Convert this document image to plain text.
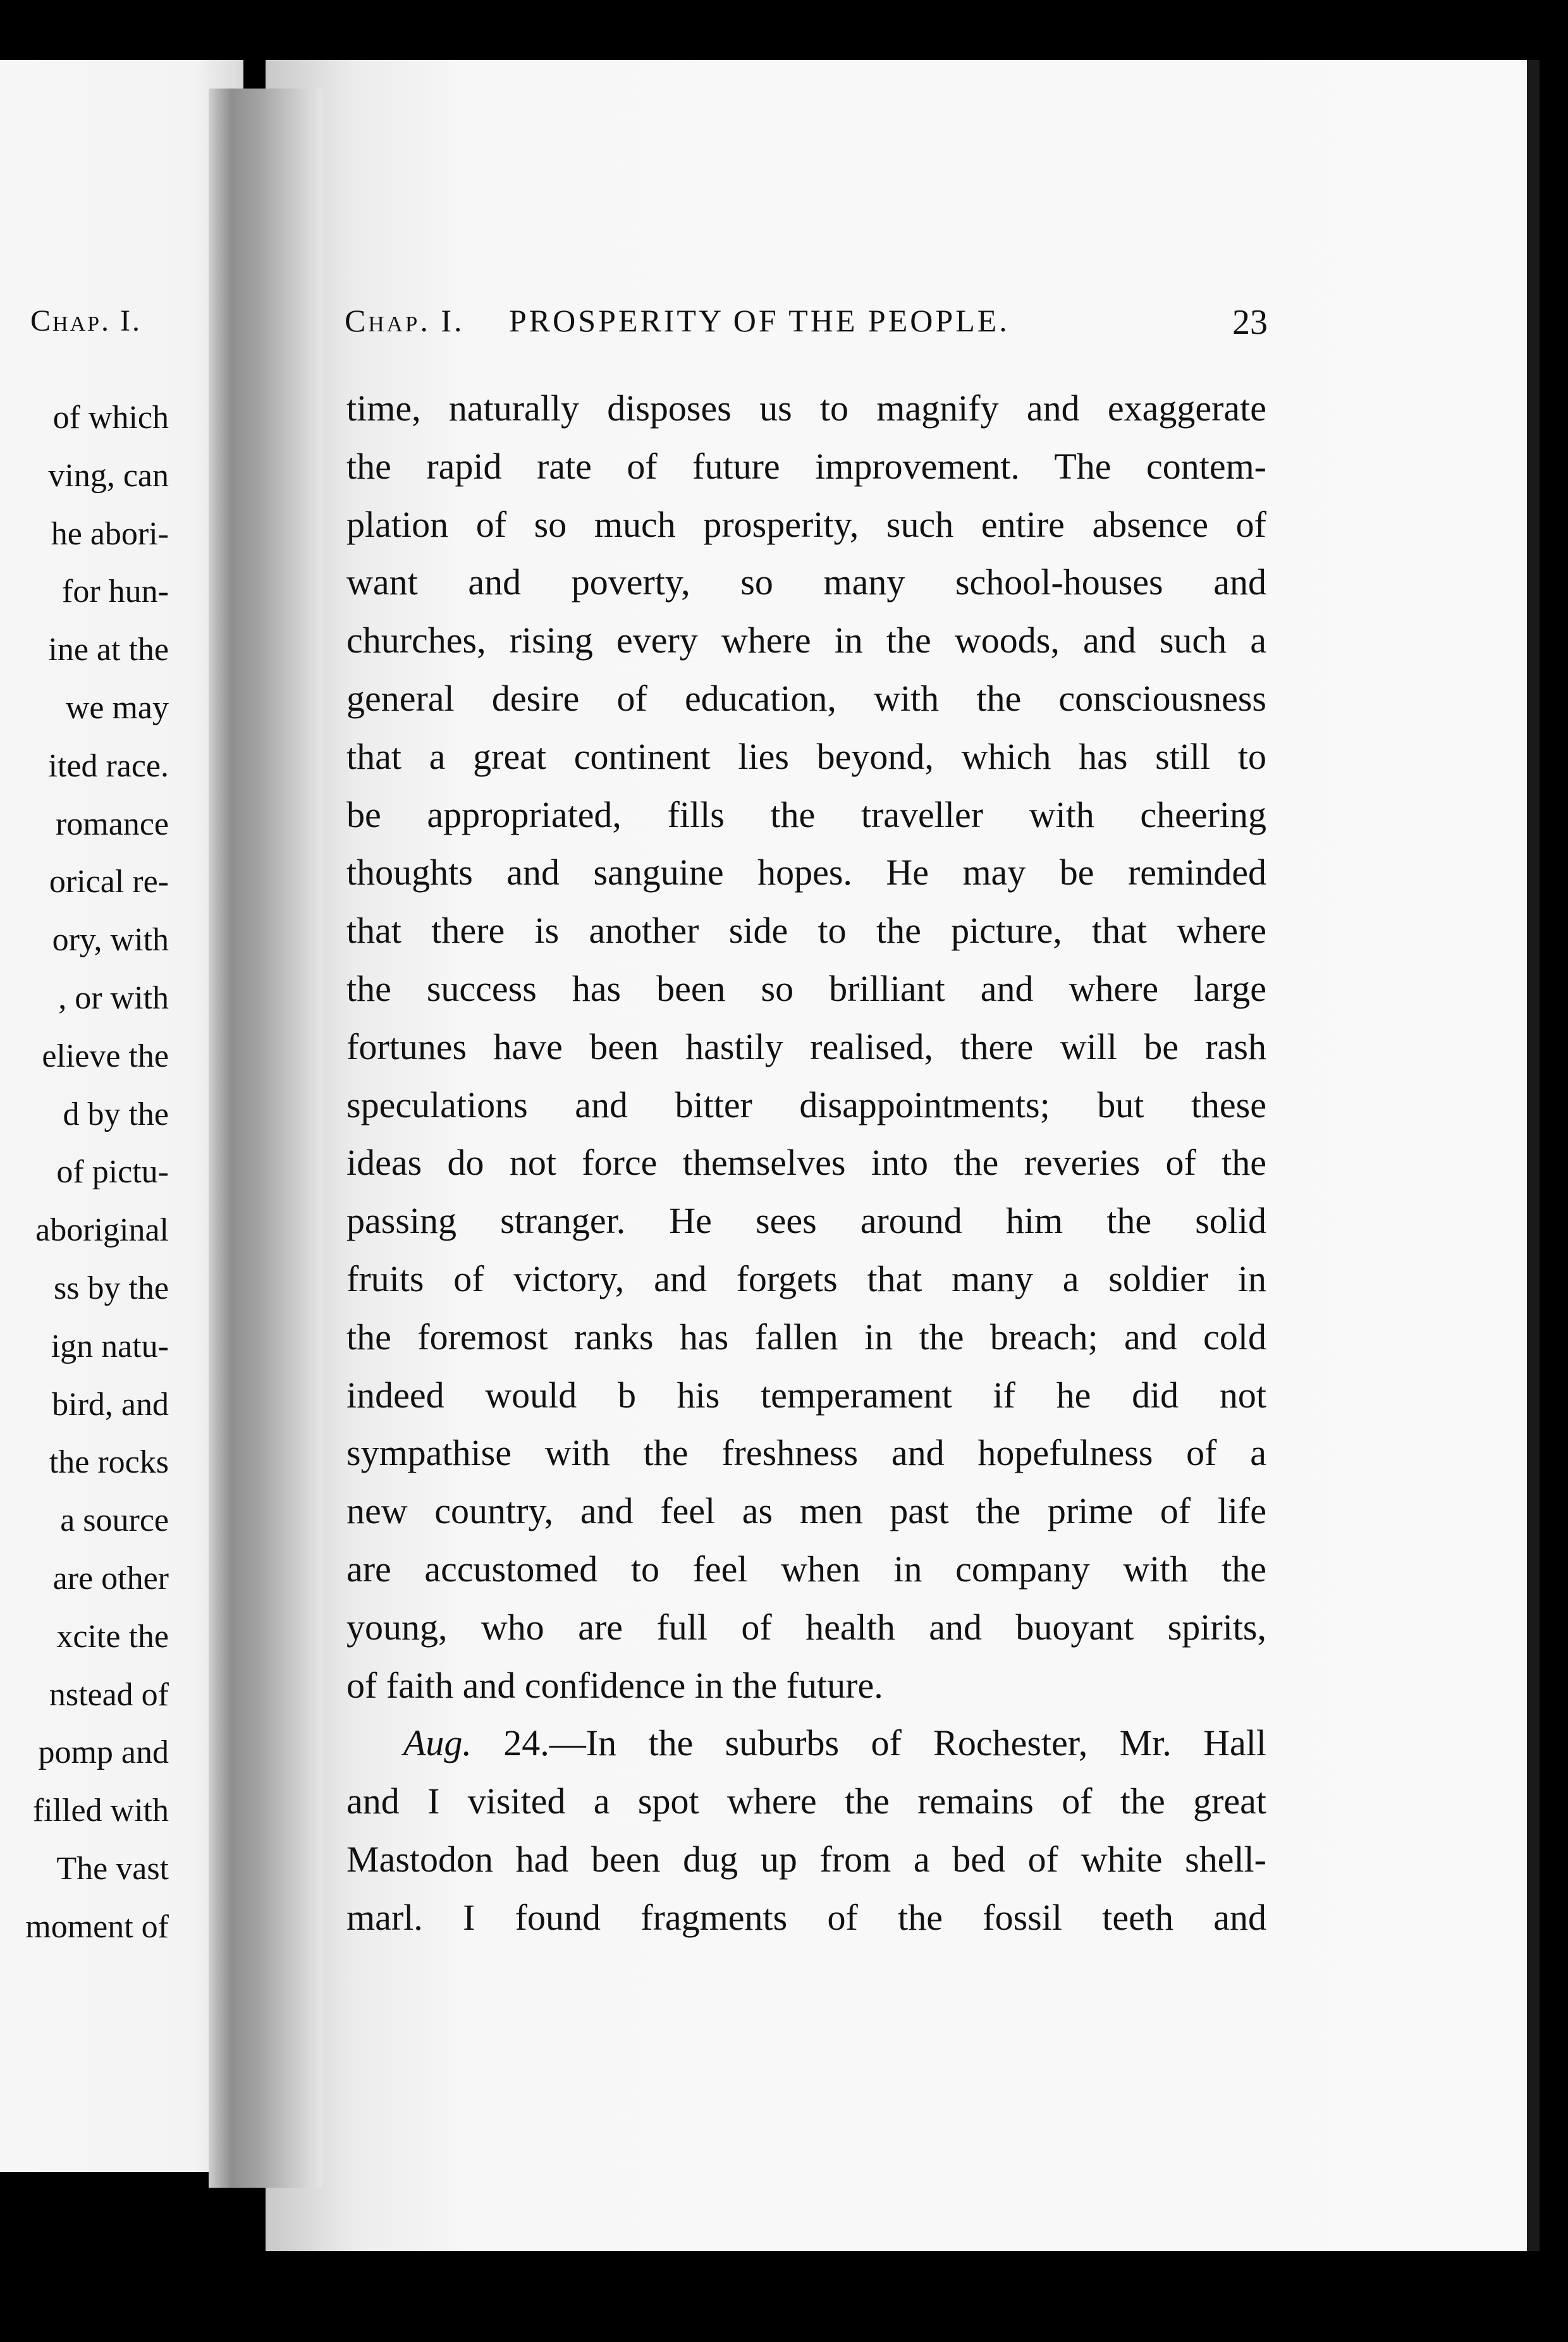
Chap. I.
of which
ving, can
he abori-
for hun-
ine at the
we may
ited race.
romance
orical re-
ory, with
, or with
elieve the
d by the
of pictu-
aboriginal
ss by the
ign natu-
bird, and
the rocks
a source
are other
xcite the
nstead of
pomp and
filled with
The vast
moment of
Chap. I. PROSPERITY OF THE PEOPLE.	23
time, naturally disposes us to magnify and exaggerate
the rapid rate of future improvement. The contem-
plation of so much prosperity, such entire absence of
want and poverty, so many school-houses and
churches, rising every where in the woods, and such a
general desire of education, with the consciousness
that a great continent lies beyond, which has still to
be appropriated, fills the traveller with cheering
thoughts and sanguine hopes. He may be reminded
that there is another side to the picture, that where
the success has been so brilliant and where large
fortunes have been hastily realised, there will be rash
speculations and bitter disappointments; but these
ideas do not force themselves into the reveries of the
passing stranger. He sees around him the solid
fruits of victory, and forgets that many a soldier in
the foremost ranks has fallen in the breach; and cold
indeed would b his temperament if he did not
sympathise with the freshness and hopefulness of a
new country, and feel as men past the prime of life
are accustomed to feel when in company with the
young, who are full of health and buoyant spirits,
of faith and confidence in the future.
Aug. 24.—In the suburbs of Rochester, Mr. Hall
and I visited a spot where the remains of the great
Mastodon had been dug up from a bed of white shell-
marl. I found fragments of the fossil teeth and
